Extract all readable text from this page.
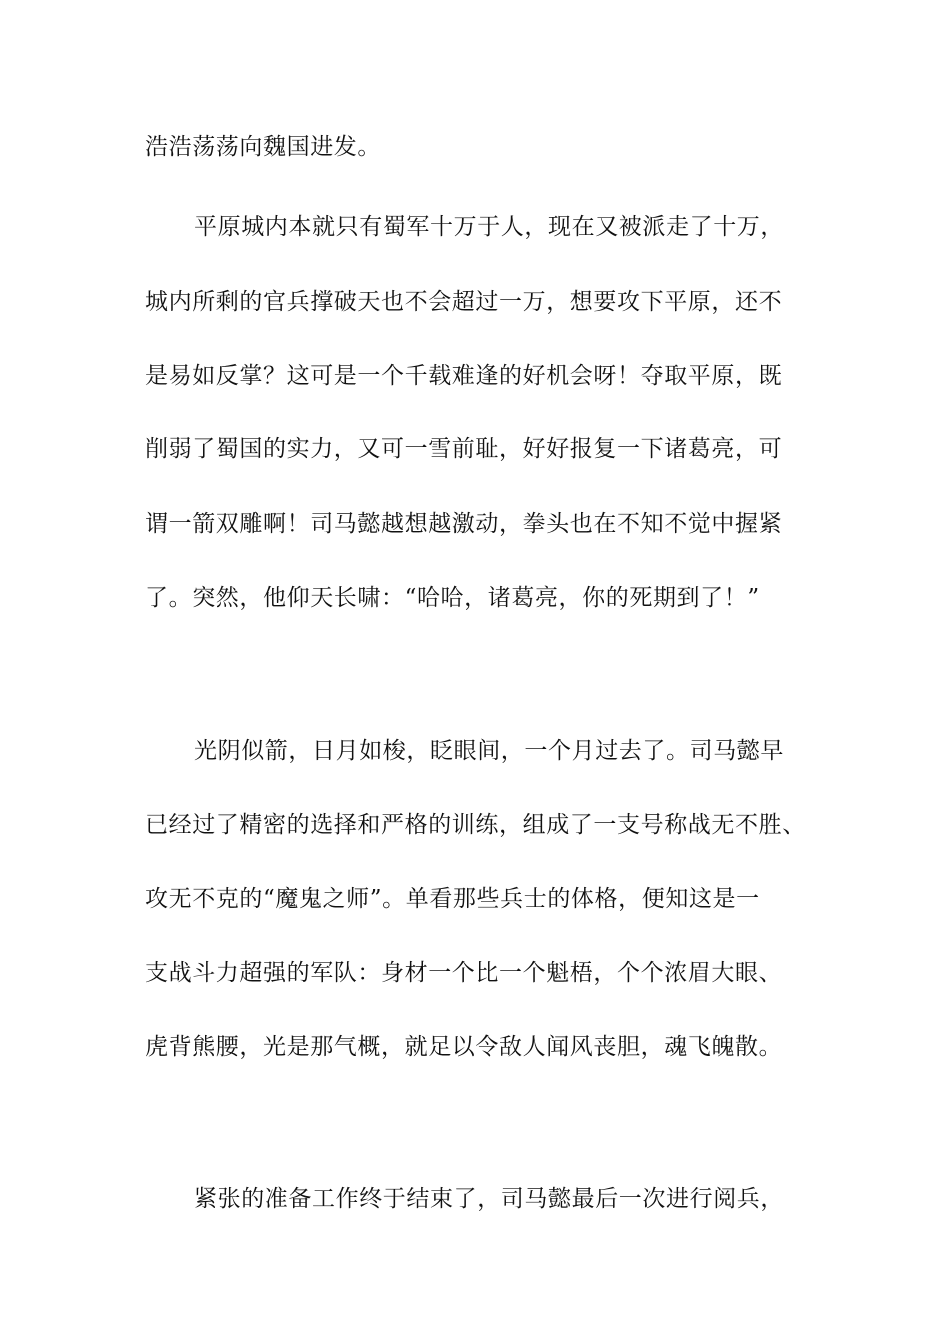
浩浩荡荡向魏国进发。
平原城内本就只有蜀军十万于人，现在又被派走了十万，
城内所剩的官兵撑破天也不会超过一万，想要攻下平原，还不
是易如反掌？这可是一个千载难逢的好机会呀！夺取平原，既
削弱了蜀国的实力，又可一雪前耻，好好报复一下诸葛亮，可
谓一箭双雕啊！司马懿越想越激动，拳头也在不知不觉中握紧
了。突然，他仰天长啸：“哈哈，诸葛亮，你的死期到了！”
光阴似箭，日月如梭，眨眼间，一个月过去了。司马懿早
已经过了精密的选择和严格的训练，组成了一支号称战无不胜、
攻无不克的“魔鬼之师”。单看那些兵士的体格，便知这是一
支战斗力超强的军队：身材一个比一个魁梧，个个浓眉大眼、
虎背熊腰，光是那气概，就足以令敌人闻风丧胆，魂飞魄散。
紧张的准备工作终于结束了，司马懿最后一次进行阅兵，
